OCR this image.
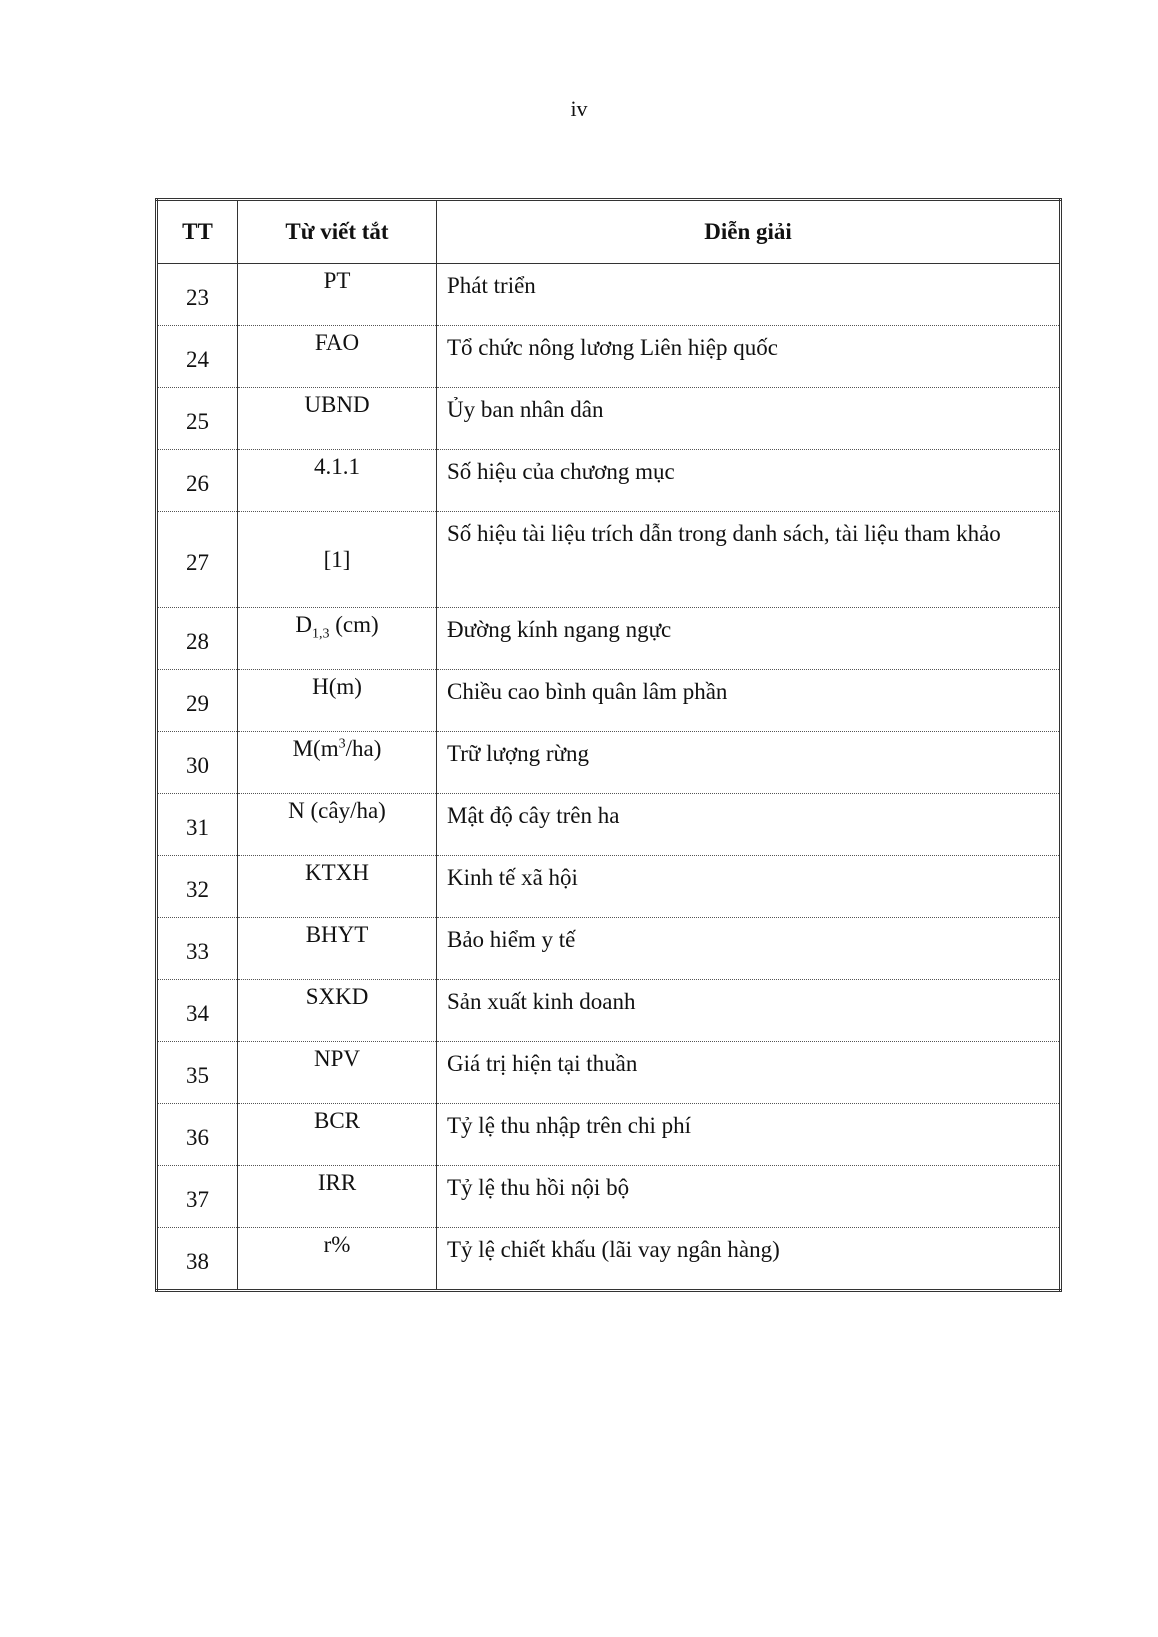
iv
TT	Từ viết tắt	Diễn giải
23	PT	Phát triển
24	FAO	Tổ chức nông lương Liên hiệp quốc
25	UBND	Ủy ban nhân dân
26	4.1.1	Số hiệu của chương mục
27	[1]	Số hiệu tài liệu trích dẫn trong danh sách, tài liệu tham khảo
28	$D_{1,3}$ (cm)	Đường kính ngang ngực
29	H(m)	Chiều cao bình quân lâm phần
30	$M(m^3/ha)$	Trữ lượng rừng
31	N (cây/ha)	Mật độ cây trên ha
32	KTXH	Kinh tế xã hội
33	BHYT	Bảo hiểm y tế
34	SXKD	Sản xuất kinh doanh
35	NPV	Giá trị hiện tại thuần
36	BCR	Tỷ lệ thu nhập trên chi phí
37	IRR	Tỷ lệ thu hồi nội bộ
38	r%	Tỷ lệ chiết khấu (lãi vay ngân hàng)
